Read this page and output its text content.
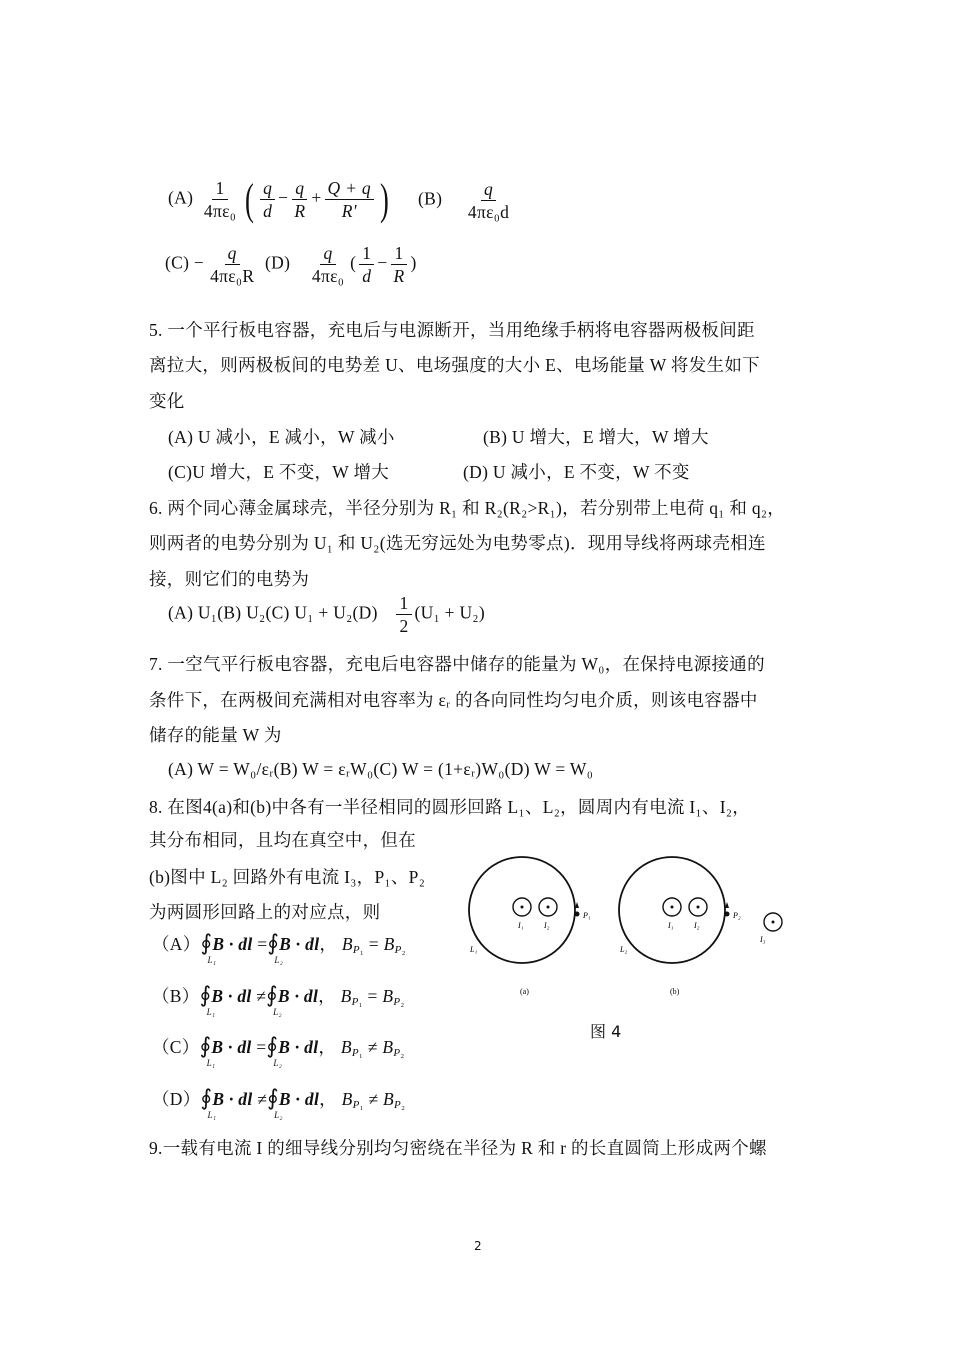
$(A) \frac{1}{\text{4πε₀}}$ ( $\frac{q}{d} - \frac{q}{R} + \frac{Q + q}{R'}$ ) $(B) \frac{q}{\text{4πε₀d}}$
$(C) - \frac{q}{\text{4πε₀R}} (D) \frac{q}{\text{4πε₀}}$ ( $\frac{1}{d} - \frac{1}{R}$ )
5. 一个平行板电容器，充电后与电源断开，当用绝缘手柄将电容器两极板间距
离拉大，则两极板间的电势差 U、电场强度的大小 E、电场能量 W 将发生如下
变化
(A) U 减小，E 减小，W 减小	(B) U 增大，E 增大，W 增大
(C)U 增大，E 不变，W 增大	(D) U 减小，E 不变，W 不变
6. 两个同心薄金属球壳，半径分别为 R₁ 和 R₂(R₂>R₁)，若分别带上电荷 q₁ 和 q₂，
则两者的电势分别为 U₁ 和 U₂(选无穷远处为电势零点)．现用导线将两球壳相连
接，则它们的电势为
(A) U₁(B) U₂(C) $U_1 + U_2(D) \frac{1}{2} (U_1 + U_2)$
7. 一空气平行板电容器，充电后电容器中储存的能量为 W₀，在保持电源接通的
条件下，在两极间充满相对电容率为 εᵣ 的各向同性均匀电介质，则该电容器中
储存的能量 W 为
(A) W = W₀/εᵣ(B) W = εᵣW₀(C) W = (1+εᵣ)W₀(D) W = W₀
8. 在图4(a)和(b)中各有一半径相同的圆形回路 L₁、L₂，圆周内有电流 I₁、I₂，
其分布相同，且均在真空中，但在
(b)图中 L₂ 回路外有电流 I₃，P₁、P₂
为两圆形回路上的对应点，则
（A）∮
L₁
B · dl =∮
L₂
B · dl， $B_{P_1} = B_{P_2}$
（B）∮
L₁
B · dl ≠∮
L₂
B · dl， $B_{P_1} = B_{P_2}$
（C）∮
L₁
B · dl =∮
L₂
B · dl， $B_{P_1} \ne B_{P_2}$
（D）∮
L₁
B · dl ≠∮
L₂
B · dl， $B_{P_1} \ne B_{P_2}$
P₁
I₁	I₂
L₁
(a)
P₂
I₁	I₂
L₂
I₃
(b)
图 4
9.一载有电流 I 的细导线分别均匀密绕在半径为 R 和 r 的长直圆筒上形成两个螺
2
